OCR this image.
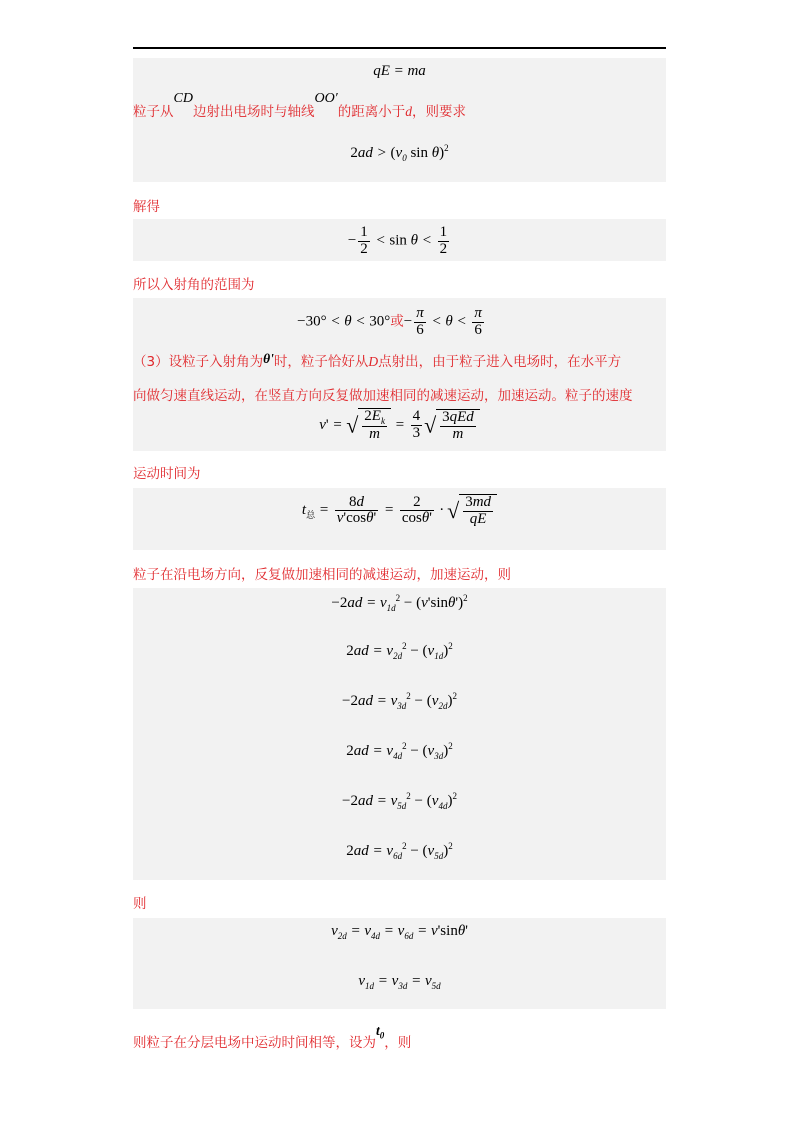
qE = ma
$2ad > (v_0$ sin θ)$^2$
粒子从CD边射出电场时与轴线OO′的距离小于d，则要求
解得
− $\frac{1}{2} < \sin \theta < \frac{1}{2}$
所以入射角的范围为
−30° < θ < 30°或− $\frac{\pi}{6} < \theta < \frac{\pi}{6}$
v' = √ $\frac{2E_k}{m} = \frac{4}{3}$ √ $\frac{\text{3qEd}}{m}$
（3）设粒子入射角为θ'时，粒子恰好从D点射出，由于粒子进入电场时，在水平方
向做匀速直线运动，在竖直方向反复做加速相同的减速运动，加速运动。粒子的速度
运动时间为
$t_总 = \frac{8d}{v'\cos\theta'} = \frac{2}{\cos\theta'}$ · √ $\frac{3md}{qE}$
粒子在沿电场方向，反复做加速相同的减速运动，加速运动，则
$-2ad = v_{1d}^2 - (v'\sin\theta')^2$
$2ad = v_{2d}^2 - (v_{1d})^2$
$-2ad = v_{3d}^2 - (v_{2d})^2$
$2ad = v_{4d}^2 - (v_{3d})^2$
$-2ad = v_{5d}^2 - (v_{4d})^2$
$2ad = v_{6d}^2 - (v_{5d})^2$
则
$v_{2d} = v_{4d} = v_{6d} = v'\sin\theta'$
$v_{1d} = v_{3d} = v_{5d}$
则粒子在分层电场中运动时间相等，设为$t_0$，则
